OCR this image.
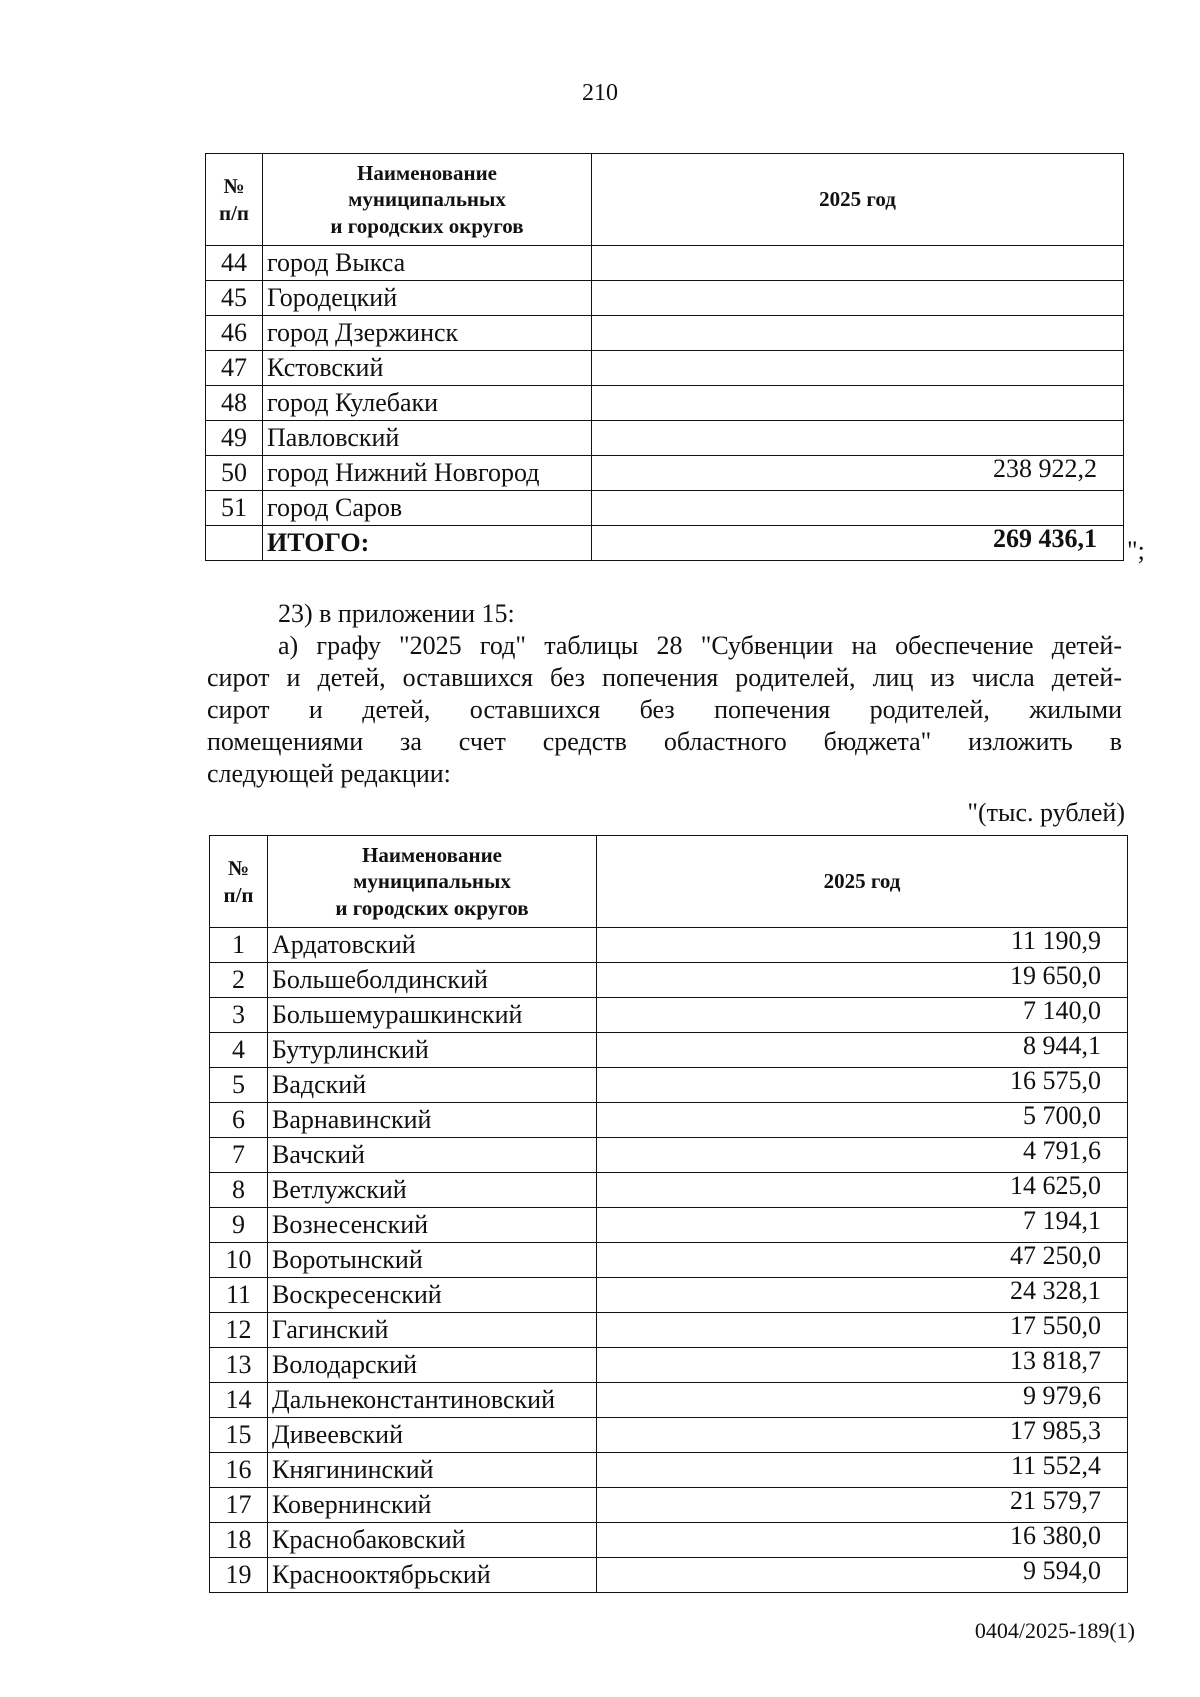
210
№
п/п	Наименование
муниципальных
и городских округов	2025 год
44	город Выкса	
45	Городецкий	
46	город Дзержинск	
47	Кстовский	
48	город Кулебаки	
49	Павловский	
50	город Нижний Новгород	238 922,2
51	город Саров	
	ИТОГО:	269 436,1 ";
23) в приложении 15:
а) графу "2025 год" таблицы 28 "Субвенции на обеспечение детей-
сирот и детей, оставшихся без попечения родителей, лиц из числа детей-
сирот и детей, оставшихся без попечения родителей, жилыми
помещениями за счет средств областного бюджета" изложить в
следующей редакции:
"(тыс. рублей)
№
п/п	Наименование
муниципальных
и городских округов	2025 год
1	Ардатовский	11 190,9
2	Большеболдинский	19 650,0
3	Большемурашкинский	7 140,0
4	Бутурлинский	8 944,1
5	Вадский	16 575,0
6	Варнавинский	5 700,0
7	Вачский	4 791,6
8	Ветлужский	14 625,0
9	Вознесенский	7 194,1
10	Воротынский	47 250,0
11	Воскресенский	24 328,1
12	Гагинский	17 550,0
13	Володарский	13 818,7
14	Дальнеконстантиновский	9 979,6
15	Дивеевский	17 985,3
16	Княгининский	11 552,4
17	Ковернинский	21 579,7
18	Краснобаковский	16 380,0
19	Краснооктябрьский	9 594,0
0404/2025-189(1)
